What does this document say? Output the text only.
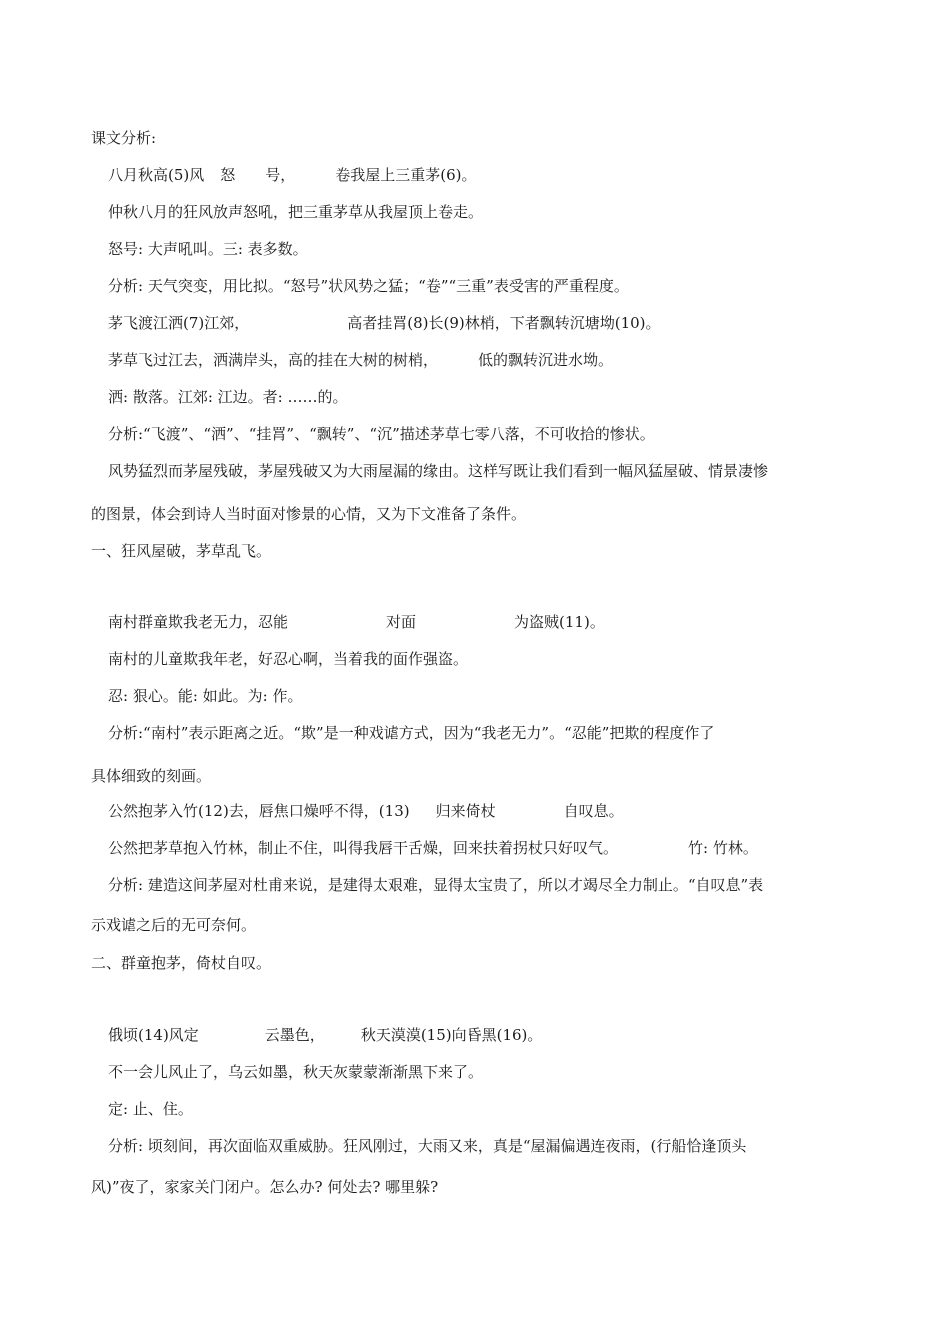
课文分析:
八月秋高(5)风 怒 号，	卷我屋上三重茅(6)。
仲秋八月的狂风放声怒吼，把三重茅草从我屋顶上卷走。
怒号: 大声吼叫。三: 表多数。
分析: 天气突变，用比拟。“怒号”状风势之猛；“卷”“三重”表受害的严重程度。
茅飞渡江洒(7)江郊，	高者挂罥(8)长(9)林梢，下者飘转沉塘坳(10)。
茅草飞过江去，洒满岸头，高的挂在大树的树梢，	低的飘转沉进水坳。
洒: 散落。江郊: 江边。者: ……的。
分析:“飞渡”、“洒”、“挂罥”、“飘转”、“沉”描述茅草七零八落，不可收拾的惨状。
风势猛烈而茅屋残破，茅屋残破又为大雨屋漏的缘由。这样写既让我们看到一幅风猛屋破、情景凄惨
的图景，体会到诗人当时面对惨景的心情，又为下文准备了条件。
一、狂风屋破，茅草乱飞。
南村群童欺我老无力，忍能	对面	为盗贼(11)。
南村的儿童欺我年老，好忍心啊，当着我的面作强盗。
忍: 狠心。能: 如此。为: 作。
分析:“南村”表示距离之近。“欺”是一种戏谑方式，因为“我老无力”。“忍能”把欺的程度作了
具体细致的刻画。
公然抱茅入竹(12)去，唇焦口燥呼不得，(13) 归来倚杖	自叹息。
公然把茅草抱入竹林，制止不住，叫得我唇干舌燥，回来扶着拐杖只好叹气。	竹: 竹林。
分析: 建造这间茅屋对杜甫来说，是建得太艰难，显得太宝贵了，所以才竭尽全力制止。“自叹息”表
示戏谑之后的无可奈何。
二、群童抱茅，倚杖自叹。
俄顷(14)风定	云墨色， 秋天漠漠(15)向昏黑(16)。
不一会儿风止了，乌云如墨，秋天灰蒙蒙渐渐黑下来了。
定: 止、住。
分析: 顷刻间，再次面临双重威胁。狂风刚过，大雨又来，真是“屋漏偏遇连夜雨，(行船恰逢顶头
风)”夜了，家家关门闭户。怎么办? 何处去? 哪里躲?
